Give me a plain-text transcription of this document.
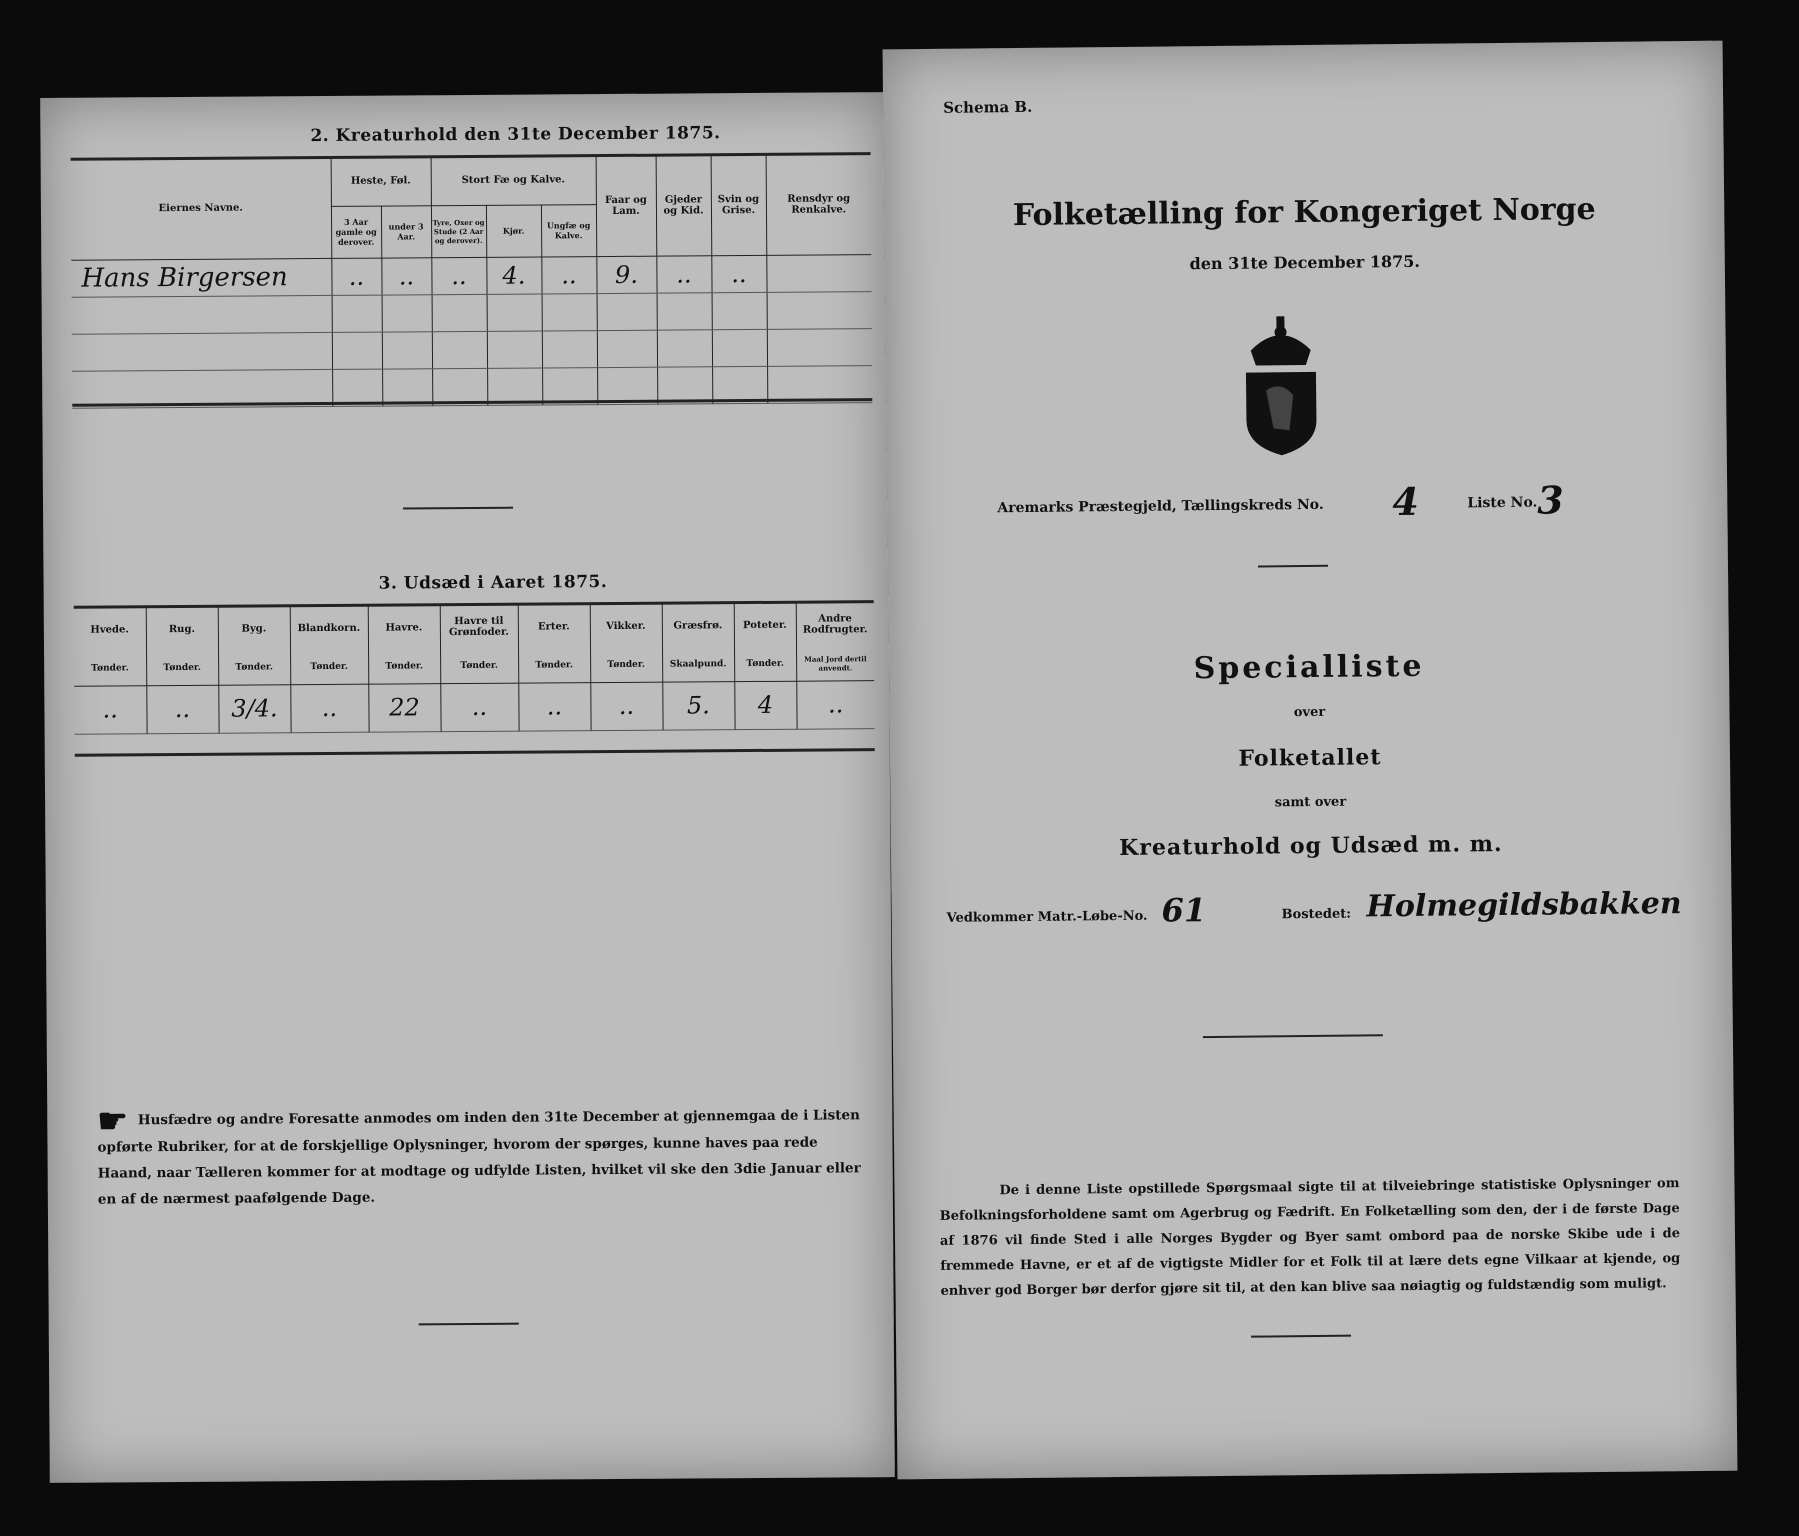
2. Kreaturhold den 31te December 1875.
Eiernes Navne.	Heste, Føl.		Stort Fæ og Kalve.			Faar og Lam.	Gjeder og Kid.	Svin og Grise.	Rensdyr og Renkalve.
	3 Aar gamle og derover.	under 3 Aar.	Tyre, Oxer og Stude (2 Aar og derover).	Kjør.	Ungfæ og Kalve.				
Hans Birgersen	..	..	..	4.	..	9.	..	..	

3. Udsæd i Aaret 1875.
Hvede.	Rug.	Byg.	Blandkorn.	Havre.	Havre til Grønfoder.	Erter.	Vikker.	Græsfrø.	Poteter.	Andre Rodfrugter.
Tønder.	Tønder.	Tønder.	Tønder.	Tønder.	Tønder.	Tønder.	Tønder.	Skaalpund.	Tønder.	Maal Jord dertil anvendt.
..	..	3/4.	..	22	..	..	..	5.	4	..
☛ Husfædre og andre Foresatte anmodes om inden den 31te December at gjennemgaa de i Listen opførte Rubriker, for at de forskjellige Oplysninger, hvorom der spørges, kunne haves paa rede Haand, naar Tælleren kommer for at modtage og udfylde Listen, hvilket vil ske den 3die Januar eller en af de nærmest paafølgende Dage.
Schema B.
Folketælling for Kongeriget Norge
den 31te December 1875.
Aremarks Præstegjeld, Tællingskreds No. 4	Liste No. 3
Specialliste
over
Folketallet
samt over
Kreaturhold og Udsæd m. m.
Vedkommer Matr.-Løbe-No. 61	Bostedet: Holmegildsbakken
De i denne Liste opstillede Spørgsmaal sigte til at tilveiebringe statistiske Oplysninger om Befolkningsforholdene samt om Agerbrug og Fædrift. En Folketælling som den, der i de første Dage af 1876 vil finde Sted i alle Norges Bygder og Byer samt ombord paa de norske Skibe ude i de fremmede Havne, er et af de vigtigste Midler for et Folk til at lære dets egne Vilkaar at kjende, og enhver god Borger bør derfor gjøre sit til, at den kan blive saa nøiagtig og fuldstændig som muligt.
